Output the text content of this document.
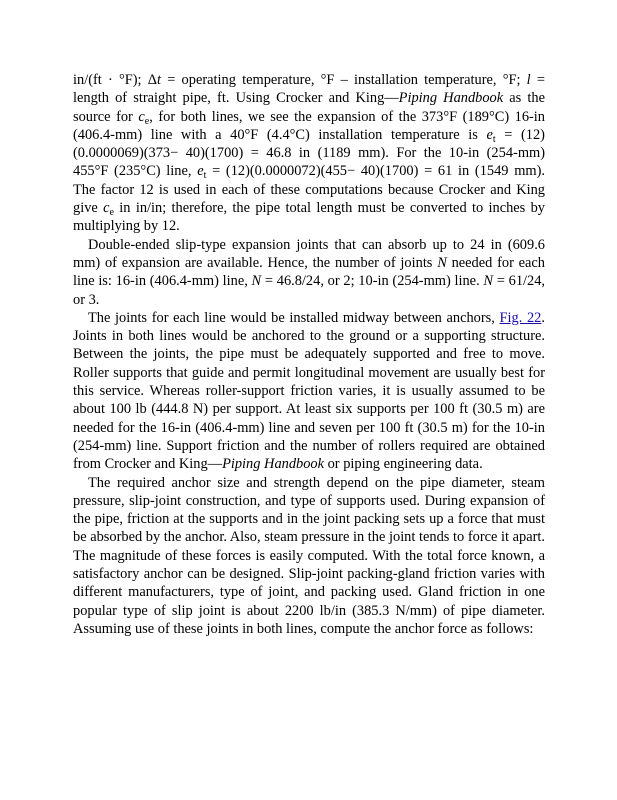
in/(ft · °F); Δt = operating temperature, °F – installation temperature, °F; l = length of straight pipe, ft. Using Crocker and King—Piping Handbook as the source for $c_e$, for both lines, we see the expansion of the 373°F (189°C) 16-in (406.4-mm) line with a 40°F (4.4°C) installation temperature is $e_t = (12)(0.0000069)(373- 40)(1700) = 46.8$ in (1189 mm). For the 10-in (254-mm) 455°F (235°C) line, $e_t = (12)(0.0000072)(455- 40)(1700) = 61$ in (1549 mm). The factor 12 is used in each of these computations because Crocker and King give $c_e$ in in/in; therefore, the pipe total length must be converted to inches by multiplying by 12.

Double-ended slip-type expansion joints that can absorb up to 24 in (609.6 mm) of expansion are available. Hence, the number of joints N needed for each line is: 16-in (406.4-mm) line, N = 46.8/24, or 2; 10-in (254-mm) line. N = 61/24, or 3.

The joints for each line would be installed midway between anchors, Fig. 22. Joints in both lines would be anchored to the ground or a supporting structure. Between the joints, the pipe must be adequately supported and free to move. Roller supports that guide and permit longitudinal movement are usually best for this service. Whereas roller-support friction varies, it is usually assumed to be about 100 lb (444.8 N) per support. At least six supports per 100 ft (30.5 m) are needed for the 16-in (406.4-mm) line and seven per 100 ft (30.5 m) for the 10-in (254-mm) line. Support friction and the number of rollers required are obtained from Crocker and King—Piping Handbook or piping engineering data.

The required anchor size and strength depend on the pipe diameter, steam pressure, slip-joint construction, and type of supports used. During expansion of the pipe, friction at the supports and in the joint packing sets up a force that must be absorbed by the anchor. Also, steam pressure in the joint tends to force it apart. The magnitude of these forces is easily computed. With the total force known, a satisfactory anchor can be designed. Slip-joint packing-gland friction varies with different manufacturers, type of joint, and packing used. Gland friction in one popular type of slip joint is about 2200 lb/in (385.3 N/mm) of pipe diameter. Assuming use of these joints in both lines, compute the anchor force as follows:
